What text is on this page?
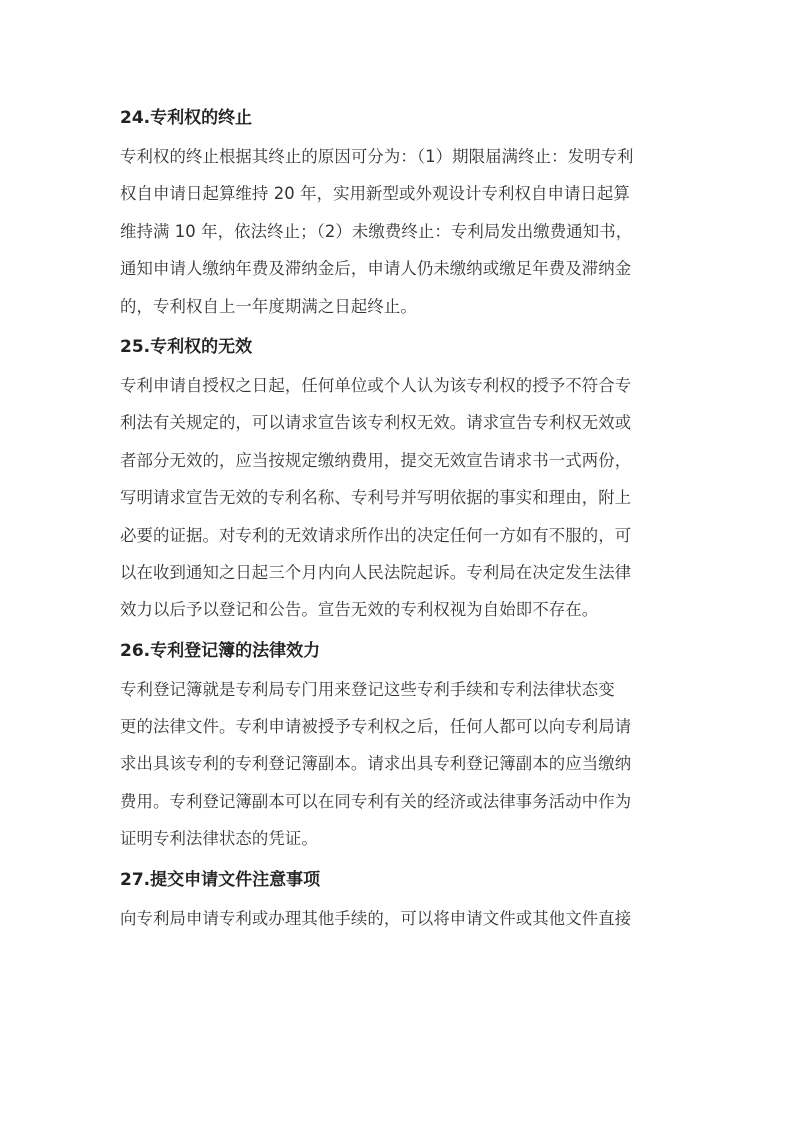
24.专利权的终止
专利权的终止根据其终止的原因可分为：（1）期限届满终止：发明专利
权自申请日起算维持 20 年，实用新型或外观设计专利权自申请日起算
维持满 10 年，依法终止；（2）未缴费终止：专利局发出缴费通知书，
通知申请人缴纳年费及滞纳金后，申请人仍未缴纳或缴足年费及滞纳金
的，专利权自上一年度期满之日起终止。
25.专利权的无效
专利申请自授权之日起，任何单位或个人认为该专利权的授予不符合专
利法有关规定的，可以请求宣告该专利权无效。请求宣告专利权无效或
者部分无效的，应当按规定缴纳费用，提交无效宣告请求书一式两份，
写明请求宣告无效的专利名称、专利号并写明依据的事实和理由，附上
必要的证据。对专利的无效请求所作出的决定任何一方如有不服的，可
以在收到通知之日起三个月内向人民法院起诉。专利局在决定发生法律
效力以后予以登记和公告。宣告无效的专利权视为自始即不存在。
26.专利登记簿的法律效力
专利登记簿就是专利局专门用来登记这些专利手续和专利法律状态变
更的法律文件。专利申请被授予专利权之后，任何人都可以向专利局请
求出具该专利的专利登记簿副本。请求出具专利登记簿副本的应当缴纳
费用。专利登记簿副本可以在同专利有关的经济或法律事务活动中作为
证明专利法律状态的凭证。
27.提交申请文件注意事项
向专利局申请专利或办理其他手续的，可以将申请文件或其他文件直接
